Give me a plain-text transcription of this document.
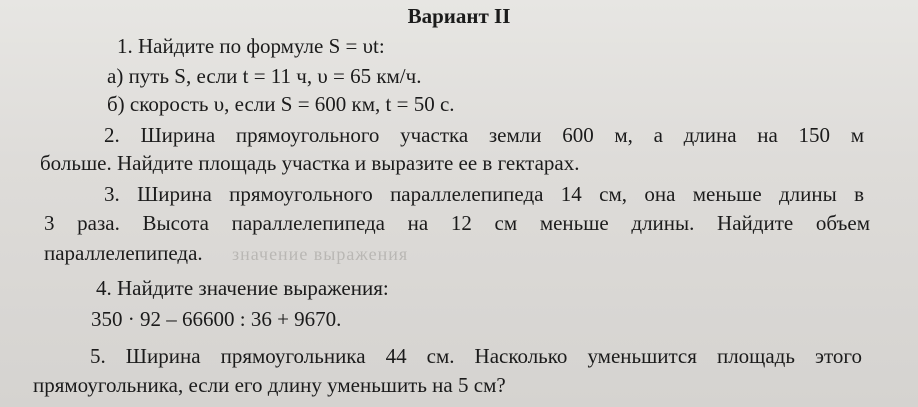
Вариант II
1. Найдите по формуле S = υt:
а) путь S, если t = 11 ч, υ = 65 км/ч.
б) скорость υ, если S = 600 км, t = 50 с.
2. Ширина прямоугольного участка земли 600 м, а длина на 150 м
больше. Найдите площадь участка и выразите ее в гектарах.
3. Ширина прямоугольного параллелепипеда 14 см, она меньше длины в
3 раза. Высота параллелепипеда на 12 см меньше длины. Найдите объем
параллелепипеда. значение выражения
4. Найдите значение выражения:
350 · 92 – 66600 : 36 + 9670.
5. Ширина прямоугольника 44 см. Насколько уменьшится площадь этого
прямоугольника, если его длину уменьшить на 5 см?
